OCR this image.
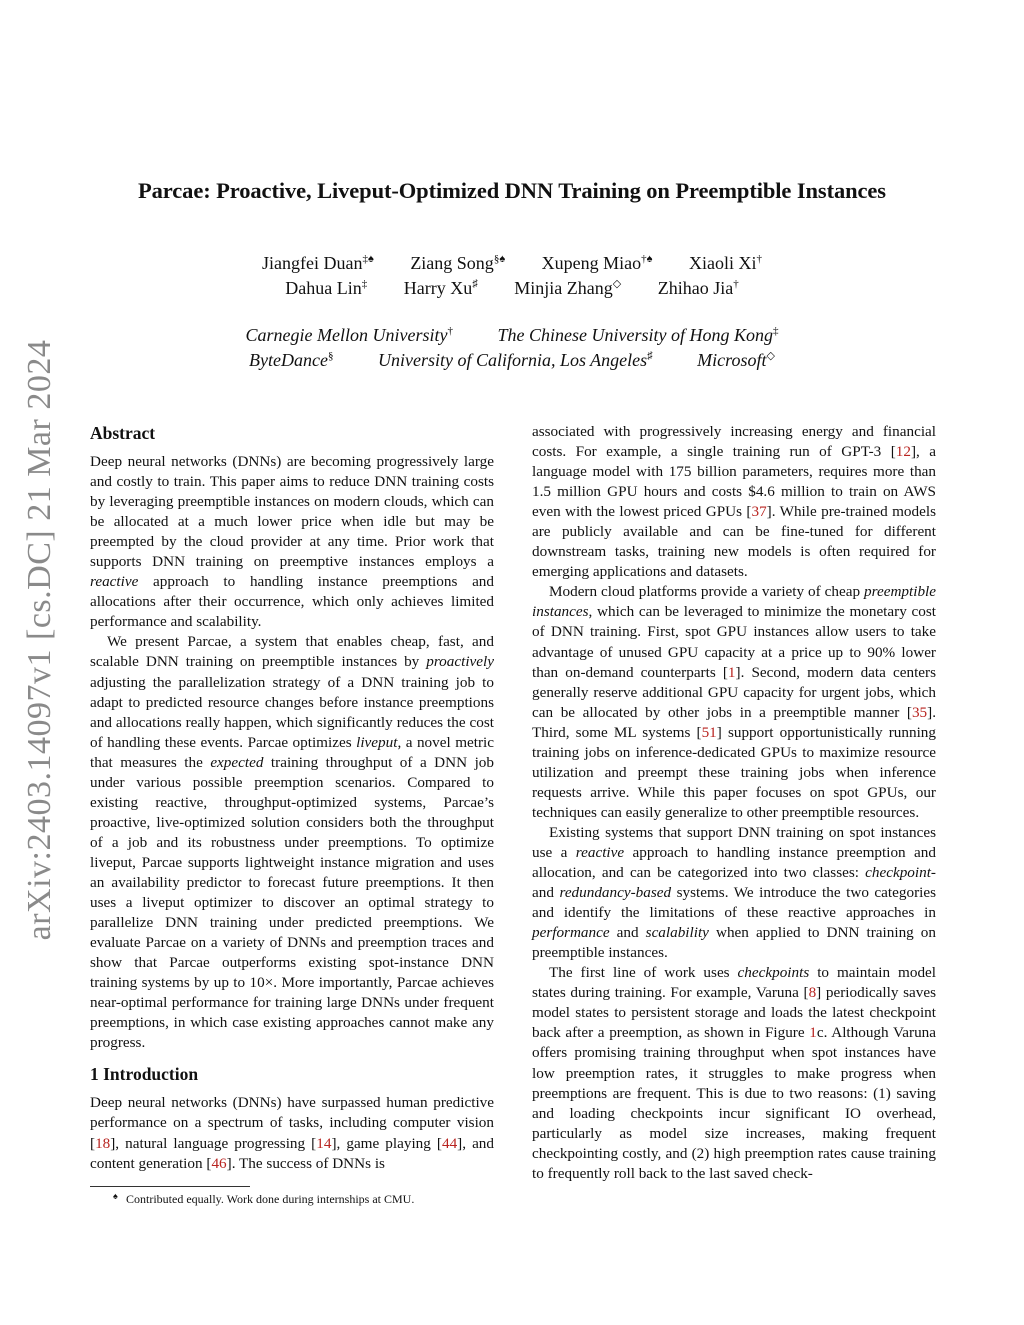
arXiv:2403.14097v1 [cs.DC] 21 Mar 2024
Parcae: Proactive, Liveput-Optimized DNN Training on Preemptible Instances
Jiangfei Duan‡♠ Ziang Song§♠ Xupeng Miao†♠ Xiaoli Xi†
Dahua Lin‡ Harry Xu♯ Minjia Zhang◇ Zhihao Jia†
Carnegie Mellon University† The Chinese University of Hong Kong‡
ByteDance§ University of California, Los Angeles♯ Microsoft◇
Abstract

Deep neural networks (DNNs) are becoming progressively large and costly to train. This paper aims to reduce DNN training costs by leveraging preemptible instances on modern clouds, which can be allocated at a much lower price when idle but may be preempted by the cloud provider at any time. Prior work that supports DNN training on preemptive instances employs a reactive approach to handling instance preemptions and allocations after their occurrence, which only achieves limited performance and scalability.

We present Parcae, a system that enables cheap, fast, and scalable DNN training on preemptible instances by proactively adjusting the parallelization strategy of a DNN training job to adapt to predicted resource changes before instance preemptions and allocations really happen, which significantly reduces the cost of handling these events. Parcae optimizes liveput, a novel metric that measures the expected training throughput of a DNN job under various possible preemption scenarios. Compared to existing reactive, throughput-optimized systems, Parcae’s proactive, live-optimized solution considers both the throughput of a job and its robustness under preemptions. To optimize liveput, Parcae supports lightweight instance migration and uses an availability predictor to forecast future preemptions. It then uses a liveput optimizer to discover an optimal strategy to parallelize DNN training under predicted preemptions. We evaluate Parcae on a variety of DNNs and preemption traces and show that Parcae outperforms existing spot-instance DNN training systems by up to 10×. More importantly, Parcae achieves near-optimal performance for training large DNNs under frequent preemptions, in which case existing approaches cannot make any progress.

1 Introduction

Deep neural networks (DNNs) have surpassed human predictive performance on a spectrum of tasks, including computer vision [18], natural language progressing [14], game playing [44], and content generation [46]. The success of DNNs is

associated with progressively increasing energy and financial costs. For example, a single training run of GPT-3 [12], a language model with 175 billion parameters, requires more than 1.5 million GPU hours and costs $4.6 million to train on AWS even with the lowest priced GPUs [37]. While pre-trained models are publicly available and can be fine-tuned for different downstream tasks, training new models is often required for emerging applications and datasets.

Modern cloud platforms provide a variety of cheap preemptible instances, which can be leveraged to minimize the monetary cost of DNN training. First, spot GPU instances allow users to take advantage of unused GPU capacity at a price up to 90% lower than on-demand counterparts [1]. Second, modern data centers generally reserve additional GPU capacity for urgent jobs, which can be allocated by other jobs in a preemptible manner [35]. Third, some ML systems [51] support opportunistically running training jobs on inference-dedicated GPUs to maximize resource utilization and preempt these training jobs when inference requests arrive. While this paper focuses on spot GPUs, our techniques can easily generalize to other preemptible resources.

Existing systems that support DNN training on spot instances use a reactive approach to handling instance preemption and allocation, and can be categorized into two classes: checkpoint- and redundancy-based systems. We introduce the two categories and identify the limitations of these reactive approaches in performance and scalability when applied to DNN training on preemptible instances.

The first line of work uses checkpoints to maintain model states during training. For example, Varuna [8] periodically saves model states to persistent storage and loads the latest checkpoint back after a preemption, as shown in Figure 1c. Although Varuna offers promising training throughput when spot instances have low preemption rates, it struggles to make progress when preemptions are frequent. This is due to two reasons: (1) saving and loading checkpoints incur significant IO overhead, particularly as model size increases, making frequent checkpointing costly, and (2) high preemption rates cause training to frequently roll back to the last saved check-

♠ Contributed equally. Work done during internships at CMU.
